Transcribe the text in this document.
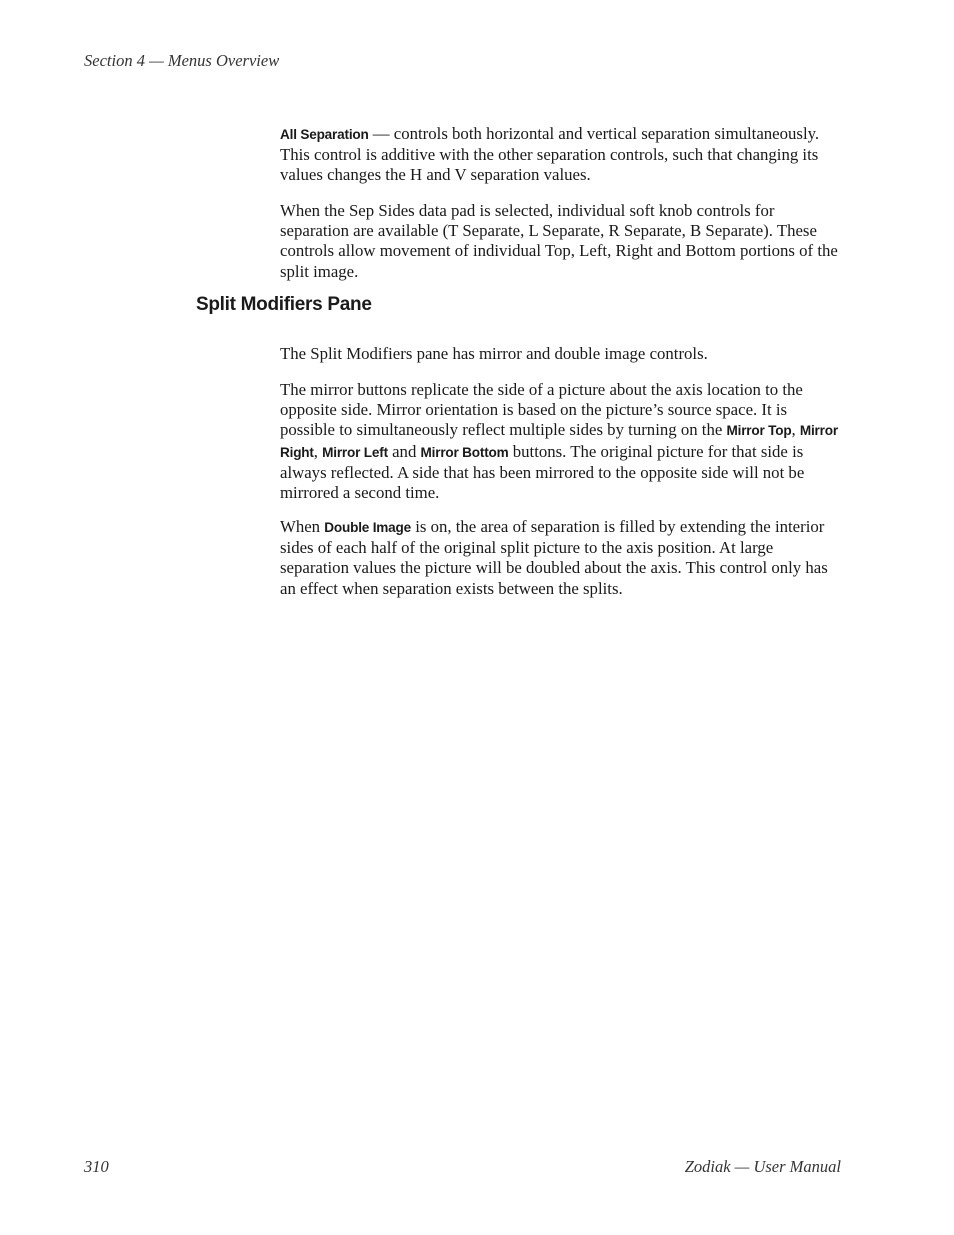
Section 4 — Menus Overview

All Separation — controls both horizontal and vertical separation simultaneously. This control is additive with the other separation controls, such that changing its values changes the H and V separation values.

When the Sep Sides data pad is selected, individual soft knob controls for separation are available (T Separate, L Separate, R Separate, B Separate). These controls allow movement of individual Top, Left, Right and Bottom portions of the split image.

Split Modifiers Pane

The Split Modifiers pane has mirror and double image controls.

The mirror buttons replicate the side of a picture about the axis location to the opposite side. Mirror orientation is based on the picture’s source space. It is possible to simultaneously reflect multiple sides by turning on the Mirror Top, Mirror Right, Mirror Left and Mirror Bottom buttons. The original picture for that side is always reflected. A side that has been mirrored to the opposite side will not be mirrored a second time.

When Double Image is on, the area of separation is filled by extending the interior sides of each half of the original split picture to the axis position. At large separation values the picture will be doubled about the axis. This control only has an effect when separation exists between the splits.

310	Zodiak — User Manual
